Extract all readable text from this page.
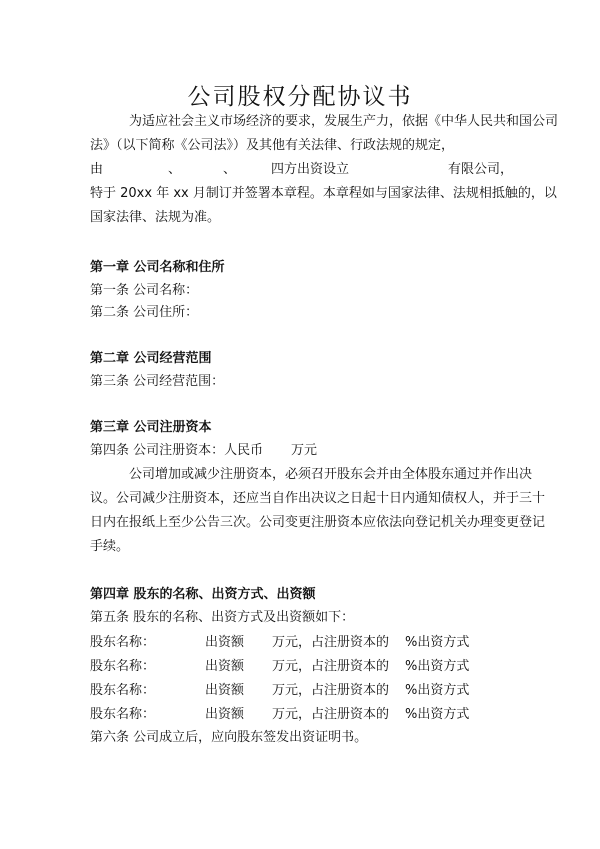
公司股权分配协议书
为适应社会主义市场经济的要求，发展生产力，依据《中华人民共和国公司
法》（以下简称《公司法》）及其他有关法律、行政法规的规定，
由	、	、	四方出资设立	有限公司，
特于 20xx 年 xx 月制订并签署本章程。本章程如与国家法律、法规相抵触的，以
国家法律、法规为准。
第一章 公司名称和住所
第一条 公司名称：
第二条 公司住所：
第二章 公司经营范围
第三条 公司经营范围：
第三章 公司注册资本
第四条 公司注册资本：人民币 万元
公司增加或减少注册资本，必须召开股东会并由全体股东通过并作出决
议。公司减少注册资本，还应当自作出决议之日起十日内通知债权人，并于三十
日内在报纸上至少公告三次。公司变更注册资本应依法向登记机关办理变更登记
手续。
第四章 股东的名称、出资方式、出资额
第五条 股东的名称、出资方式及出资额如下：
股东名称：	出资额 万元，占注册资本的 %出资方式
股东名称：	出资额 万元，占注册资本的 %出资方式
股东名称：	出资额 万元，占注册资本的 %出资方式
股东名称：	出资额 万元，占注册资本的 %出资方式
第六条 公司成立后，应向股东签发出资证明书。
